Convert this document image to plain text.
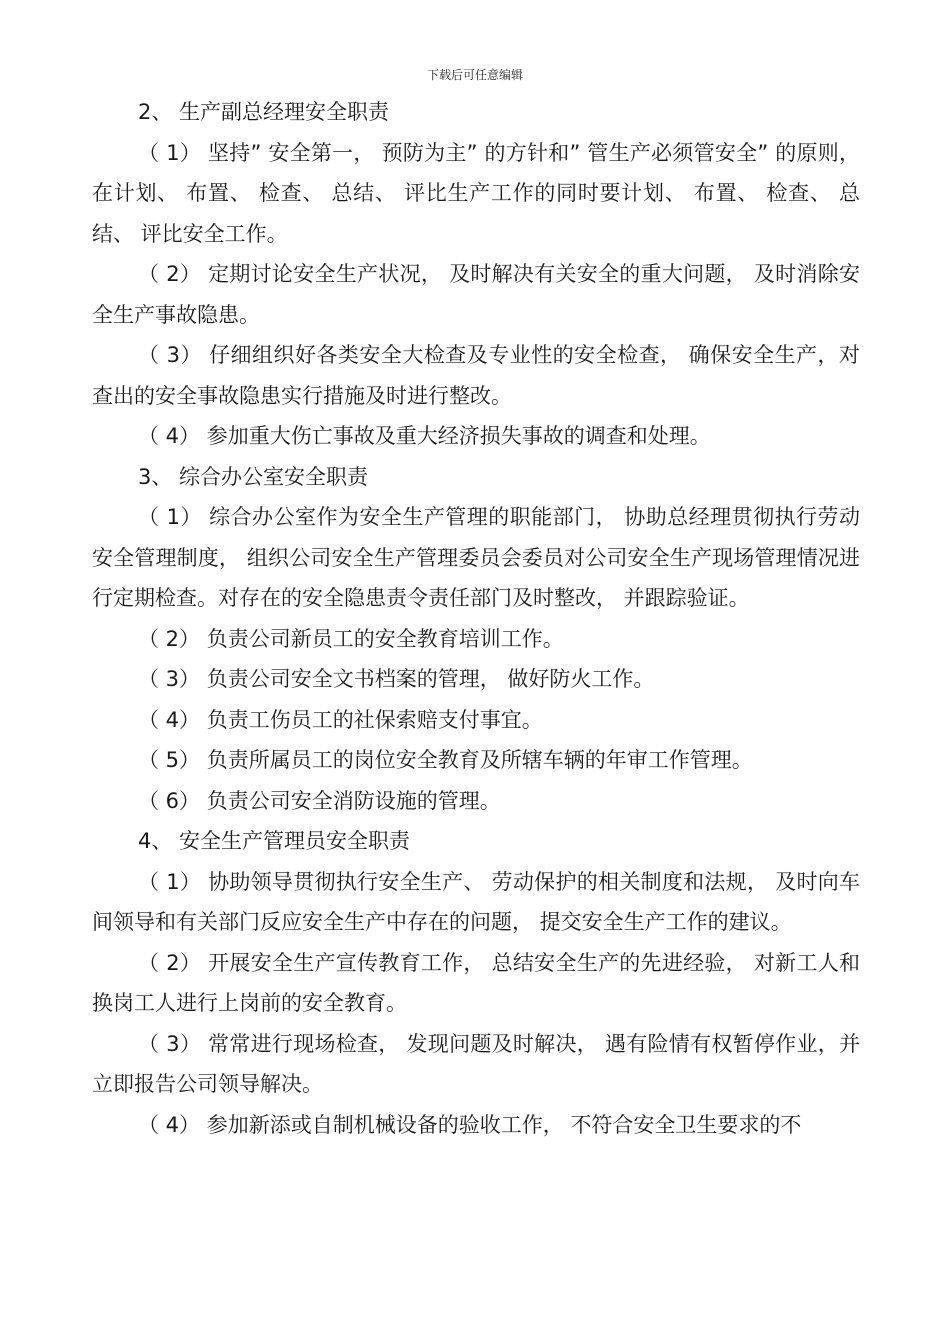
下载后可任意编辑

2、 生产副总经理安全职责

（ 1） 坚持” 安全第一， 预防为主” 的方针和” 管生产必须管安全” 的原则， 在计划、 布置、 检查、 总结、 评比生产工作的同时要计划、 布置、 检查、 总结、 评比安全工作。

（ 2） 定期讨论安全生产状况， 及时解决有关安全的重大问题， 及时消除安全生产事故隐患。

（ 3） 仔细组织好各类安全大检查及专业性的安全检查， 确保安全生产，对查出的安全事故隐患实行措施及时进行整改。

（ 4） 参加重大伤亡事故及重大经济损失事故的调查和处理。

3、 综合办公室安全职责

（ 1） 综合办公室作为安全生产管理的职能部门， 协助总经理贯彻执行劳动安全管理制度， 组织公司安全生产管理委员会委员对公司安全生产现场管理情况进行定期检查。对存在的安全隐患责令责任部门及时整改， 并跟踪验证。

（ 2） 负责公司新员工的安全教育培训工作。

（ 3） 负责公司安全文书档案的管理， 做好防火工作。

（ 4） 负责工伤员工的社保索赔支付事宜。

（ 5） 负责所属员工的岗位安全教育及所辖车辆的年审工作管理。

（ 6） 负责公司安全消防设施的管理。

4、 安全生产管理员安全职责

（ 1） 协助领导贯彻执行安全生产、 劳动保护的相关制度和法规， 及时向车间领导和有关部门反应安全生产中存在的问题， 提交安全生产工作的建议。

（ 2） 开展安全生产宣传教育工作， 总结安全生产的先进经验， 对新工人和换岗工人进行上岗前的安全教育。

（ 3） 常常进行现场检查， 发现问题及时解决， 遇有险情有权暂停作业，并立即报告公司领导解决。

（ 4） 参加新添或自制机械设备的验收工作， 不符合安全卫生要求的不
